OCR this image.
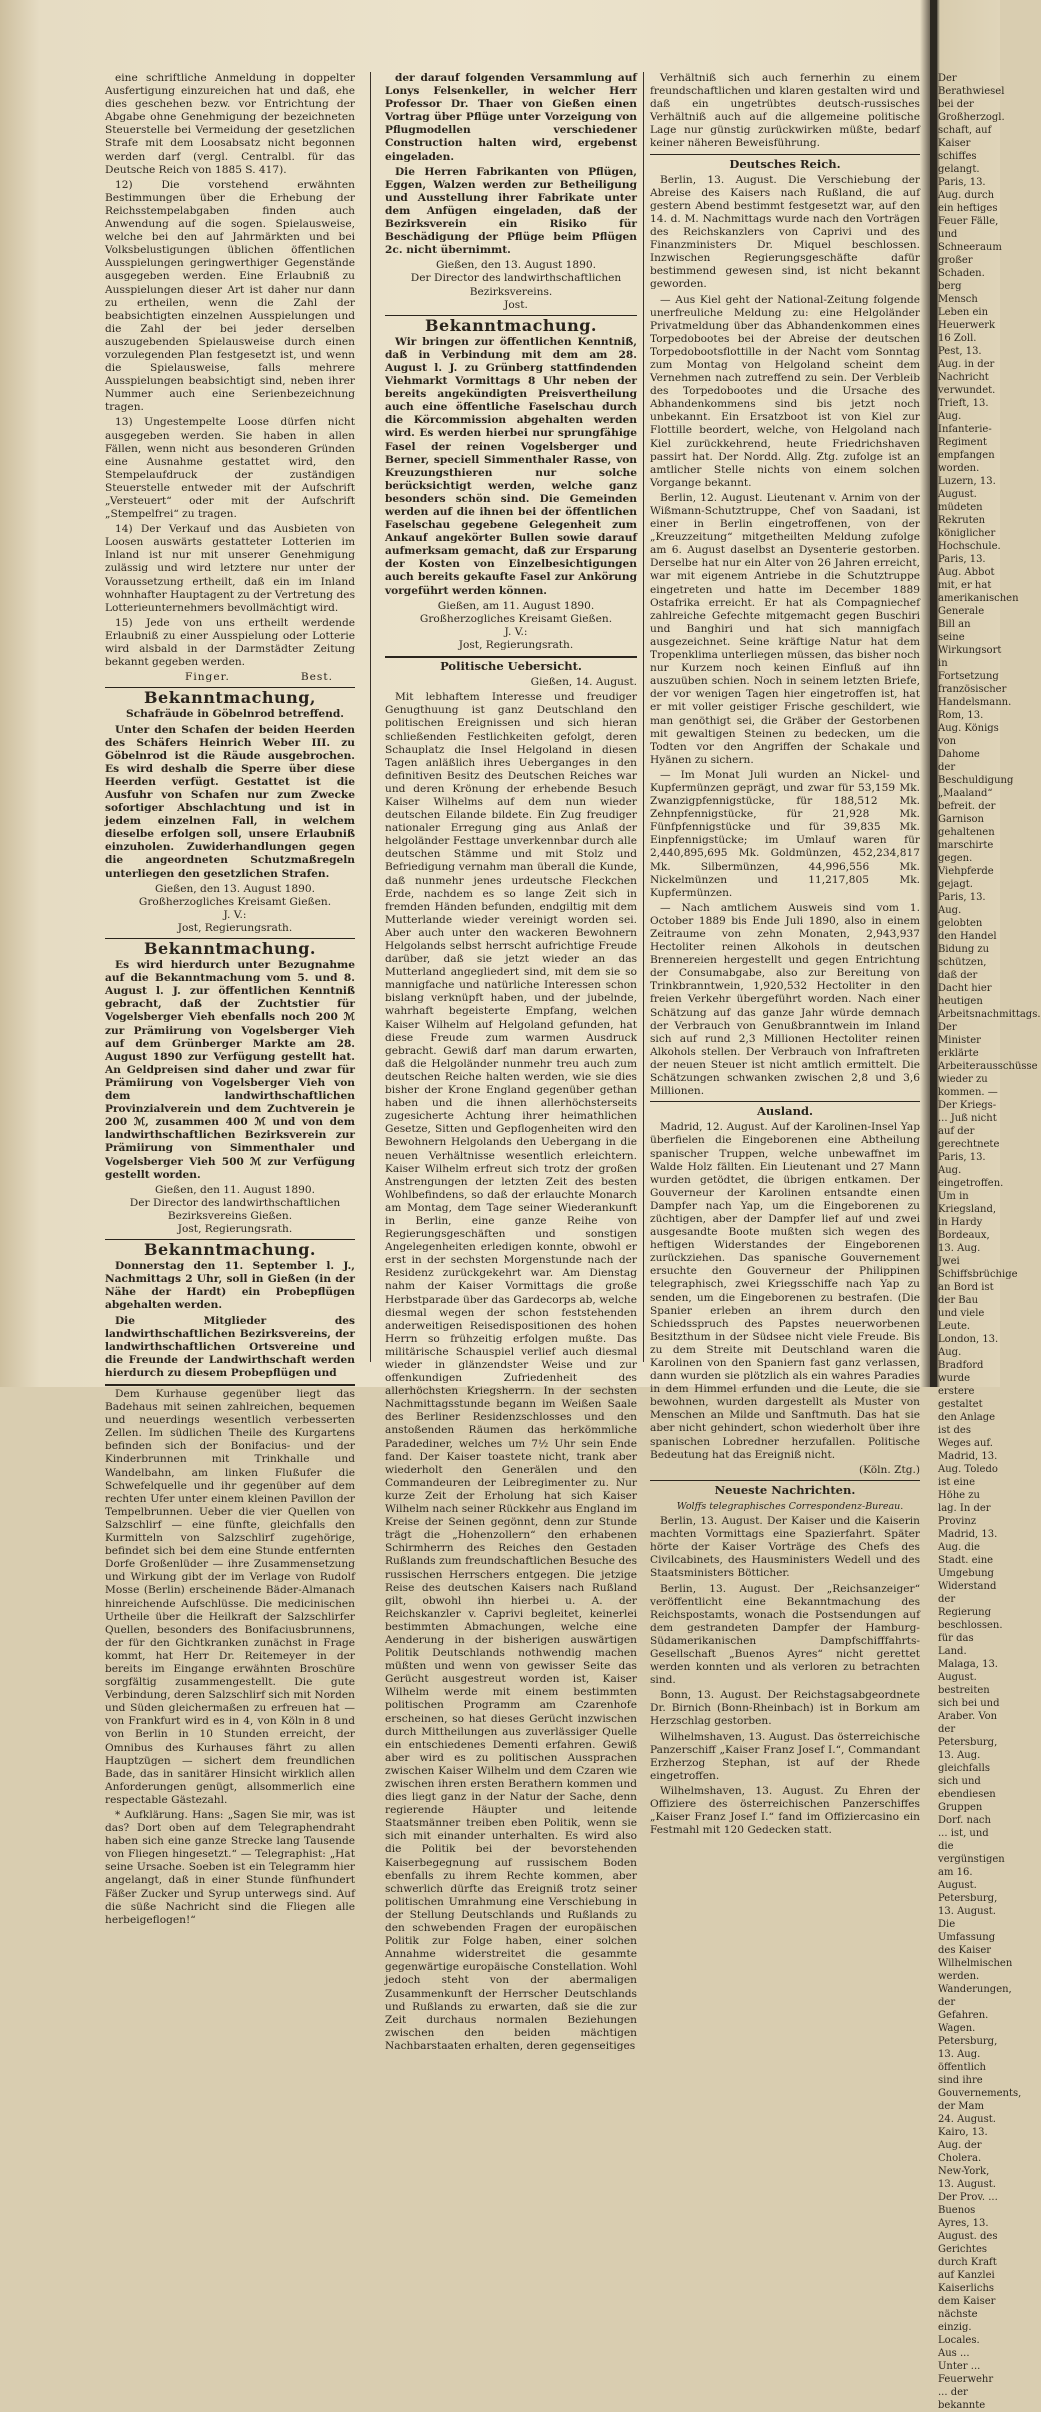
eine schriftliche Anmeldung in doppelter Ausfertigung einzureichen hat und daß, ehe dies geschehen bezw. vor Entrichtung der Abgabe ohne Genehmigung der bezeichneten Steuerstelle bei Vermeidung der gesetzlichen Strafe mit dem Loosabsatz nicht begonnen werden darf (vergl. Centralbl. für das Deutsche Reich von 1885 S. 417).

12) Die vorstehend erwähnten Bestimmungen über die Erhebung der Reichsstempelabgaben finden auch Anwendung auf die sogen. Spielausweise, welche bei den auf Jahrmärkten und bei Volksbelustigungen üblichen öffentlichen Ausspielungen geringwerthiger Gegenstände ausgegeben werden. Eine Erlaubniß zu Ausspielungen dieser Art ist daher nur dann zu ertheilen, wenn die Zahl der beabsichtigten einzelnen Ausspielungen und die Zahl der bei jeder derselben auszugebenden Spielausweise durch einen vorzulegenden Plan festgesetzt ist, und wenn die Spielausweise, falls mehrere Ausspielungen beabsichtigt sind, neben ihrer Nummer auch eine Serienbezeichnung tragen.

13) Ungestempelte Loose dürfen nicht ausgegeben werden. Sie haben in allen Fällen, wenn nicht aus besonderen Gründen eine Ausnahme gestattet wird, den Stempelaufdruck der zuständigen Steuerstelle entweder mit der Aufschrift „Versteuert“ oder mit der Aufschrift „Stempelfrei“ zu tragen.

14) Der Verkauf und das Ausbieten von Loosen auswärts gestatteter Lotterien im Inland ist nur mit unserer Genehmigung zulässig und wird letztere nur unter der Voraussetzung ertheilt, daß ein im Inland wohnhafter Hauptagent zu der Vertretung des Lotterieunternehmers bevollmächtigt wird.

15) Jede von uns ertheilt werdende Erlaubniß zu einer Ausspielung oder Lotterie wird alsbald in der Darmstädter Zeitung bekannt gegeben werden.

Finger.	Best.
Bekanntmachung,

Schafräude in Göbelnrod betreffend.

Unter den Schafen der beiden Heerden des Schäfers Heinrich Weber III. zu Göbelnrod ist die Räude ausgebrochen. Es wird deshalb die Sperre über diese Heerden verfügt. Gestattet ist die Ausfuhr von Schafen nur zum Zwecke sofortiger Abschlachtung und ist in jedem einzelnen Fall, in welchem dieselbe erfolgen soll, unsere Erlaubniß einzuholen. Zuwiderhandlungen gegen die angeordneten Schutzmaßregeln unterliegen den gesetzlichen Strafen.

Gießen, den 13. August 1890.

Großherzogliches Kreisamt Gießen.

J. V.:

Jost, Regierungsrath.

Bekanntmachung.

Es wird hierdurch unter Bezugnahme auf die Bekanntmachung vom 5. und 8. August l. J. zur öffentlichen Kenntniß gebracht, daß der Zuchtstier für Vogelsberger Vieh ebenfalls noch 200 ℳ zur Prämiirung von Vogelsberger Vieh auf dem Grünberger Markte am 28. August 1890 zur Verfügung gestellt hat. An Geldpreisen sind daher und zwar für Prämiirung von Vogelsberger Vieh von dem landwirthschaftlichen Provinzialverein und dem Zuchtverein je 200 ℳ, zusammen 400 ℳ und von dem landwirthschaftlichen Bezirksverein zur Prämiirung von Simmenthaler und Vogelsberger Vieh 500 ℳ zur Verfügung gestellt worden.

Gießen, den 11. August 1890.

Der Director des landwirthschaftlichen Bezirksvereins Gießen.

Jost, Regierungsrath.

Bekanntmachung.

Donnerstag den 11. September l. J., Nachmittags 2 Uhr, soll in Gießen (in der Nähe der Hardt) ein Probepflügen abgehalten werden.

Die Mitglieder des landwirthschaftlichen Bezirksvereins, der landwirthschaftlichen Ortsvereine und die Freunde der Landwirthschaft werden hierdurch zu diesem Probepflügen und

Dem Kurhause gegenüber liegt das Badehaus mit seinen zahlreichen, bequemen und neuerdings wesentlich verbesserten Zellen. Im südlichen Theile des Kurgartens befinden sich der Bonifacius- und der Kinderbrunnen mit Trinkhalle und Wandelbahn, am linken Flußufer die Schwefelquelle und ihr gegenüber auf dem rechten Ufer unter einem kleinen Pavillon der Tempelbrunnen. Ueber die vier Quellen von Salzschlirf — eine fünfte, gleichfalls den Kurmitteln von Salzschlirf zugehörige, befindet sich bei dem eine Stunde entfernten Dorfe Großenlüder — ihre Zusammensetzung und Wirkung gibt der im Verlage von Rudolf Mosse (Berlin) erscheinende Bäder-Almanach hinreichende Aufschlüsse. Die medicinischen Urtheile über die Heilkraft der Salzschlirfer Quellen, besonders des Bonifaciusbrunnens, der für den Gichtkranken zunächst in Frage kommt, hat Herr Dr. Reitemeyer in der bereits im Eingange erwähnten Broschüre sorgfältig zusammengestellt. Die gute Verbindung, deren Salzschlirf sich mit Norden und Süden gleichermaßen zu erfreuen hat — von Frankfurt wird es in 4, von Köln in 8 und von Berlin in 10 Stunden erreicht, der Omnibus des Kurhauses fährt zu allen Hauptzügen — sichert dem freundlichen Bade, das in sanitärer Hinsicht wirklich allen Anforderungen genügt, allsommerlich eine respectable Gästezahl.

* Aufklärung. Hans: „Sagen Sie mir, was ist das? Dort oben auf dem Telegraphendraht haben sich eine ganze Strecke lang Tausende von Fliegen hingesetzt.“ — Telegraphist: „Hat seine Ursache. Soeben ist ein Telegramm hier angelangt, daß in einer Stunde fünfhundert Fäßer Zucker und Syrup unterwegs sind. Auf die süße Nachricht sind die Fliegen alle herbeigeflogen!“

der darauf folgenden Versammlung auf Lonys Felsenkeller, in welcher Herr Professor Dr. Thaer von Gießen einen Vortrag über Pflüge unter Vorzeigung von Pflugmodellen verschiedener Construction halten wird, ergebenst eingeladen.

Die Herren Fabrikanten von Pflügen, Eggen, Walzen werden zur Betheiligung und Ausstellung ihrer Fabrikate unter dem Anfügen eingeladen, daß der Bezirksverein ein Risiko für Beschädigung der Pflüge beim Pflügen 2c. nicht übernimmt.

Gießen, den 13. August 1890.

Der Director des landwirthschaftlichen Bezirksvereins.

Jost.

Bekanntmachung.

Wir bringen zur öffentlichen Kenntniß, daß in Verbindung mit dem am 28. August l. J. zu Grünberg stattfindenden Viehmarkt Vormittags 8 Uhr neben der bereits angekündigten Preisvertheilung auch eine öffentliche Faselschau durch die Körcommission abgehalten werden wird. Es werden hierbei nur sprungfähige Fasel der reinen Vogelsberger und Berner, speciell Simmenthaler Rasse, von Kreuzungsthieren nur solche berücksichtigt werden, welche ganz besonders schön sind. Die Gemeinden werden auf die ihnen bei der öffentlichen Faselschau gegebene Gelegenheit zum Ankauf angekörter Bullen sowie darauf aufmerksam gemacht, daß zur Ersparung der Kosten von Einzelbesichtigungen auch bereits gekaufte Fasel zur Ankörung vorgeführt werden können.

Gießen, am 11. August 1890.

Großherzogliches Kreisamt Gießen.

J. V.:

Jost, Regierungsrath.

Politische Uebersicht.

Gießen, 14. August.

Mit lebhaftem Interesse und freudiger Genugthuung ist ganz Deutschland den politischen Ereignissen und sich hieran schließenden Festlichkeiten gefolgt, deren Schauplatz die Insel Helgoland in diesen Tagen anläßlich ihres Ueberganges in den definitiven Besitz des Deutschen Reiches war und deren Krönung der erhebende Besuch Kaiser Wilhelms auf dem nun wieder deutschen Eilande bildete. Ein Zug freudiger nationaler Erregung ging aus Anlaß der helgoländer Festtage unverkennbar durch alle deutschen Stämme und mit Stolz und Befriedigung vernahm man überall die Kunde, daß nunmehr jenes urdeutsche Fleckchen Erde, nachdem es so lange Zeit sich in fremden Händen befunden, endgiltig mit dem Mutterlande wieder vereinigt worden sei. Aber auch unter den wackeren Bewohnern Helgolands selbst herrscht aufrichtige Freude darüber, daß sie jetzt wieder an das Mutterland angegliedert sind, mit dem sie so mannigfache und natürliche Interessen schon bislang verknüpft haben, und der jubelnde, wahrhaft begeisterte Empfang, welchen Kaiser Wilhelm auf Helgoland gefunden, hat diese Freude zum warmen Ausdruck gebracht. Gewiß darf man darum erwarten, daß die Helgoländer nunmehr treu auch zum deutschen Reiche halten werden, wie sie dies bisher der Krone England gegenüber gethan haben und die ihnen allerhöchsterseits zugesicherte Achtung ihrer heimathlichen Gesetze, Sitten und Gepflogenheiten wird den Bewohnern Helgolands den Uebergang in die neuen Verhältnisse wesentlich erleichtern. Kaiser Wilhelm erfreut sich trotz der großen Anstrengungen der letzten Zeit des besten Wohlbefindens, so daß der erlauchte Monarch am Montag, dem Tage seiner Wiederankunft in Berlin, eine ganze Reihe von Regierungsgeschäften und sonstigen Angelegenheiten erledigen konnte, obwohl er erst in der sechsten Morgenstunde nach der Residenz zurückgekehrt war. Am Dienstag nahm der Kaiser Vormittags die große Herbstparade über das Gardecorps ab, welche diesmal wegen der schon feststehenden anderweitigen Reisedispositionen des hohen Herrn so frühzeitig erfolgen mußte. Das militärische Schauspiel verlief auch diesmal wieder in glänzendster Weise und zur offenkundigen Zufriedenheit des allerhöchsten Kriegsherrn. In der sechsten Nachmittagsstunde begann im Weißen Saale des Berliner Residenzschlosses und den anstoßenden Räumen das herkömmliche Paradediner, welches um 7½ Uhr sein Ende fand. Der Kaiser toastete nicht, trank aber wiederholt den Generälen und den Commandeuren der Leibregimenter zu. Nur kurze Zeit der Erholung hat sich Kaiser Wilhelm nach seiner Rückkehr aus England im Kreise der Seinen gegönnt, denn zur Stunde trägt die „Hohenzollern“ den erhabenen Schirmherrn des Reiches den Gestaden Rußlands zum freundschaftlichen Besuche des russischen Herrschers entgegen. Die jetzige Reise des deutschen Kaisers nach Rußland gilt, obwohl ihn hierbei u. A. der Reichskanzler v. Caprivi begleitet, keinerlei bestimmten Abmachungen, welche eine Aenderung in der bisherigen auswärtigen Politik Deutschlands nothwendig machen müßten und wenn von gewisser Seite das Gerücht ausgestreut worden ist, Kaiser Wilhelm werde mit einem bestimmten politischen Programm am Czarenhofe erscheinen, so hat dieses Gerücht inzwischen durch Mittheilungen aus zuverlässiger Quelle ein entschiedenes Dementi erfahren. Gewiß aber wird es zu politischen Aussprachen zwischen Kaiser Wilhelm und dem Czaren wie zwischen ihren ersten Berathern kommen und dies liegt ganz in der Natur der Sache, denn regierende Häupter und leitende Staatsmänner treiben eben Politik, wenn sie sich mit einander unterhalten. Es wird also die Politik bei der bevorstehenden Kaiserbegegnung auf russischem Boden ebenfalls zu ihrem Rechte kommen, aber schwerlich dürfte das Ereigniß trotz seiner politischen Umrahmung eine Verschiebung in der Stellung Deutschlands und Rußlands zu den schwebenden Fragen der europäischen Politik zur Folge haben, einer solchen Annahme widerstreitet die gesammte gegenwärtige europäische Constellation. Wohl jedoch steht von der abermaligen Zusammenkunft der Herrscher Deutschlands und Rußlands zu erwarten, daß sie die zur Zeit durchaus normalen Beziehungen zwischen den beiden mächtigen Nachbarstaaten erhalten, deren gegenseitiges

Verhältniß sich auch fernerhin zu einem freundschaftlichen und klaren gestalten wird und daß ein ungetrübtes deutsch-russisches Verhältniß auch auf die allgemeine politische Lage nur günstig zurückwirken müßte, bedarf keiner näheren Beweisführung.

Deutsches Reich.

Berlin, 13. August. Die Verschiebung der Abreise des Kaisers nach Rußland, die auf gestern Abend bestimmt festgesetzt war, auf den 14. d. M. Nachmittags wurde nach den Vorträgen des Reichskanzlers von Caprivi und des Finanzministers Dr. Miquel beschlossen. Inzwischen Regierungsgeschäfte dafür bestimmend gewesen sind, ist nicht bekannt geworden.

— Aus Kiel geht der National-Zeitung folgende unerfreuliche Meldung zu: eine Helgoländer Privatmeldung über das Abhandenkommen eines Torpedobootes bei der Abreise der deutschen Torpedobootsflottille in der Nacht vom Sonntag zum Montag von Helgoland scheint dem Vernehmen nach zutreffend zu sein. Der Verbleib des Torpedobootes und die Ursache des Abhandenkommens sind bis jetzt noch unbekannt. Ein Ersatzboot ist von Kiel zur Flottille beordert, welche, von Helgoland nach Kiel zurückkehrend, heute Friedrichshaven passirt hat. Der Nordd. Allg. Ztg. zufolge ist an amtlicher Stelle nichts von einem solchen Vorgange bekannt.

Berlin, 12. August. Lieutenant v. Arnim von der Wißmann-Schutztruppe, Chef von Saadani, ist einer in Berlin eingetroffenen, von der „Kreuzzeitung“ mitgetheilten Meldung zufolge am 6. August daselbst an Dysenterie gestorben. Derselbe hat nur ein Alter von 26 Jahren erreicht, war mit eigenem Antriebe in die Schutztruppe eingetreten und hatte im December 1889 Ostafrika erreicht. Er hat als Compagniechef zahlreiche Gefechte mitgemacht gegen Buschiri und Banghiri und hat sich mannigfach ausgezeichnet. Seine kräftige Natur hat dem Tropenklima unterliegen müssen, das bisher noch nur Kurzem noch keinen Einfluß auf ihn auszuüben schien. Noch in seinem letzten Briefe, der vor wenigen Tagen hier eingetroffen ist, hat er mit voller geistiger Frische geschildert, wie man genöthigt sei, die Gräber der Gestorbenen mit gewaltigen Steinen zu bedecken, um die Todten vor den Angriffen der Schakale und Hyänen zu sichern.

— Im Monat Juli wurden an Nickel- und Kupfermünzen geprägt, und zwar für 53,159 Mk. Zwanzigpfennigstücke, für 188,512 Mk. Zehnpfennigstücke, für 21,928 Mk. Fünfpfennigstücke und für 39,835 Mk. Einpfennigstücke; im Umlauf waren für 2,440,895,695 Mk. Goldmünzen, 452,234,817 Mk. Silbermünzen, 44,996,556 Mk. Nickelmünzen und 11,217,805 Mk. Kupfermünzen.

— Nach amtlichem Ausweis sind vom 1. October 1889 bis Ende Juli 1890, also in einem Zeitraume von zehn Monaten, 2,943,937 Hectoliter reinen Alkohols in deutschen Brennereien hergestellt und gegen Entrichtung der Consumabgabe, also zur Bereitung von Trinkbranntwein, 1,920,532 Hectoliter in den freien Verkehr übergeführt worden. Nach einer Schätzung auf das ganze Jahr würde demnach der Verbrauch von Genußbranntwein im Inland sich auf rund 2,3 Millionen Hectoliter reinen Alkohols stellen. Der Verbrauch von Infraftreten der neuen Steuer ist nicht amtlich ermittelt. Die Schätzungen schwanken zwischen 2,8 und 3,6 Millionen.

Ausland.

Madrid, 12. August. Auf der Karolinen-Insel Yap überfielen die Eingeborenen eine Abtheilung spanischer Truppen, welche unbewaffnet im Walde Holz fällten. Ein Lieutenant und 27 Mann wurden getödtet, die übrigen entkamen. Der Gouverneur der Karolinen entsandte einen Dampfer nach Yap, um die Eingeborenen zu züchtigen, aber der Dampfer lief auf und zwei ausgesandte Boote mußten sich wegen des heftigen Widerstandes der Eingeborenen zurückziehen. Das spanische Gouvernement ersuchte den Gouverneur der Philippinen telegraphisch, zwei Kriegsschiffe nach Yap zu senden, um die Eingeborenen zu bestrafen. (Die Spanier erleben an ihrem durch den Schiedsspruch des Papstes neuerworbenen Besitzthum in der Südsee nicht viele Freude. Bis zu dem Streite mit Deutschland waren die Karolinen von den Spaniern fast ganz verlassen, dann wurden sie plötzlich als ein wahres Paradies in dem Himmel erfunden und die Leute, die sie bewohnen, wurden dargestellt als Muster von Menschen an Milde und Sanftmuth. Das hat sie aber nicht gehindert, schon wiederholt über ihre spanischen Lobredner herzufallen. Politische Bedeutung hat das Ereigniß nicht.

(Köln. Ztg.)

Neueste Nachrichten.

Wolffs telegraphisches Correspondenz-Bureau.

Berlin, 13. August. Der Kaiser und die Kaiserin machten Vormittags eine Spazierfahrt. Später hörte der Kaiser Vorträge des Chefs des Civilcabinets, des Hausministers Wedell und des Staatsministers Bötticher.

Berlin, 13. August. Der „Reichsanzeiger“ veröffentlicht eine Bekanntmachung des Reichspostamts, wonach die Postsendungen auf dem gestrandeten Dampfer der Hamburg-Südamerikanischen Dampfschifffahrts-Gesellschaft „Buenos Ayres“ nicht gerettet werden konnten und als verloren zu betrachten sind.

Bonn, 13. August. Der Reichstagsabgeordnete Dr. Birnich (Bonn-Rheinbach) ist in Borkum am Herzschlag gestorben.

Wilhelmshaven, 13. August. Das österreichische Panzerschiff „Kaiser Franz Josef I.“, Commandant Erzherzog Stephan, ist auf der Rhede eingetroffen.

Wilhelmshaven, 13. August. Zu Ehren der Offiziere des österreichischen Panzerschiffes „Kaiser Franz Josef I.“ fand im Offiziercasino ein Festmahl mit 120 Gedecken statt.

Der Berathwiesel bei der Großherzogl. schaft, auf Kaiser schiffes gelangt. Paris, 13. Aug. durch ein heftiges Feuer Fälle, und Schneeraum großer Schaden. berg Mensch Leben ein Heuerwerk 16 Zoll. Pest, 13. Aug. in der Nachricht verwundet. Trieft, 13. Aug. Infanterie-Regiment empfangen worden. Luzern, 13. August. müdeten Rekruten königlicher Hochschule. Paris, 13. Aug. Abbot mit, er hat amerikanischen Generale Bill an seine Wirkungsort in Fortsetzung französischer Handelsmann. Rom, 13. Aug. Königs von Dahome der Beschuldigung „Maaland“ befreit. der Garnison gehaltenen marschirte gegen. Viehpferde gejagt. Paris, 13. Aug. gelobten den Handel Bidung zu schützen, daß der Dacht hier heutigen Arbeitsnachmittags. Der Minister erklärte Arbeiterausschüsse wieder zu kommen. — Der Kriegs- ... Juß nicht auf der gerechtnete Paris, 13. Aug. eingetroffen. Um in Kriegsland, in Hardy Bordeaux, 13. Aug. Jwei Schiffsbrüchige an Bord ist der Bau und viele Leute. London, 13. Aug. Bradford wurde erstere gestaltet den Anlage ist des Weges auf. Madrid, 13. Aug. Toledo ist eine Höhe zu lag. In der Provinz Madrid, 13. Aug. die Stadt. eine Umgebung Widerstand der Regierung beschlossen. für das Land. Malaga, 13. August. bestreiten sich bei und Araber. Von der Petersburg, 13. Aug. gleichfalls sich und ebendiesen Gruppen Dorf. nach ... ist, und die vergünstigen am 16. August. Petersburg, 13. August. Die Umfassung des Kaiser Wilhelmischen werden. Wanderungen, der Gefahren. Wagen. Petersburg, 13. Aug. öffentlich sind ihre Gouvernements, der Mam 24. August. Kairo, 13. Aug. der Cholera. New-York, 13. August. Der Prov. ... Buenos Ayres, 13. August. des Gerichtes durch Kraft auf Kanzlei Kaiserlichs dem Kaiser nächste einzig. Locales. Aus ... Unter ... Feuerwehr ... der bekannte
